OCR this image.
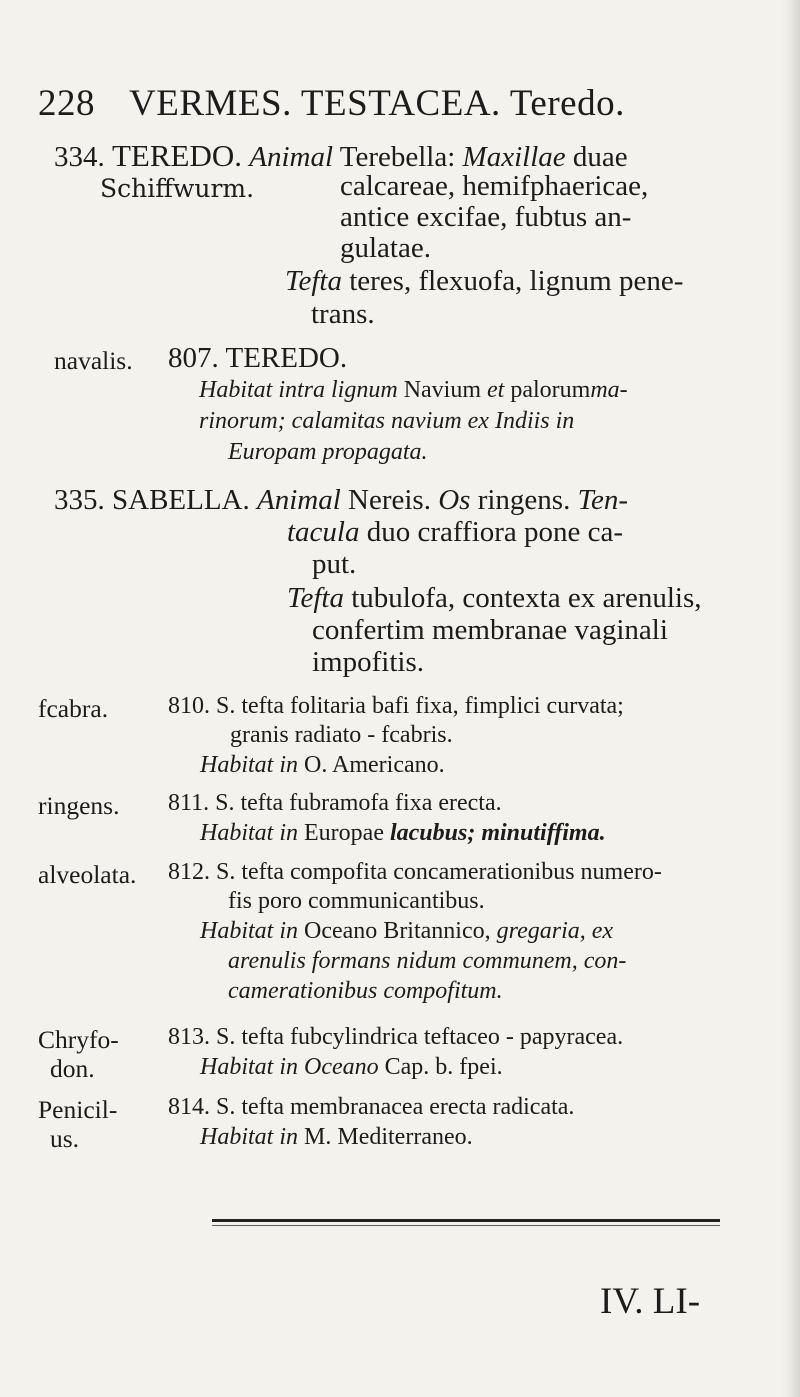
228 VERMES. TESTACEA. Teredo.
334. TEREDO. Animal Terebella: Maxillae duae
Schiffwurm.	calcareae, hemifphaericae,
antice excifae, fubtus an-
gulatae.
Tefta teres, flexuofa, lignum pene-
trans.
navalis. 807. TEREDO.
Habitat intra lignum Navium et palorumma-
rinorum; calamitas navium ex Indiis in
Europam propagata.
335. SABELLA. Animal Nereis. Os ringens. Ten-
tacula duo craffiora pone ca-
put.
Tefta tubulofa, contexta ex arenulis,
confertim membranae vaginali
impofitis.
fcabra. 810. S. tefta folitaria bafi fixa, fimplici curvata;
granis radiato - fcabris.
Habitat in O. Americano.
ringens. 811. S. tefta fubramofa fixa erecta.
Habitat in Europae lacubus; minutiffima.
alveolata. 812. S. tefta compofita concamerationibus numero-
fis poro communicantibus.
Habitat in Oceano Britannico, gregaria, ex
arenulis formans nidum communem, con-
camerationibus compofitum.
Chryfo-
don.
813. S. tefta fubcylindrica teftaceo - papyracea.
Habitat in Oceano Cap. b. fpei.
Penicil-
us.
814. S. tefta membranacea erecta radicata.
Habitat in M. Mediterraneo.
IV. LI-
